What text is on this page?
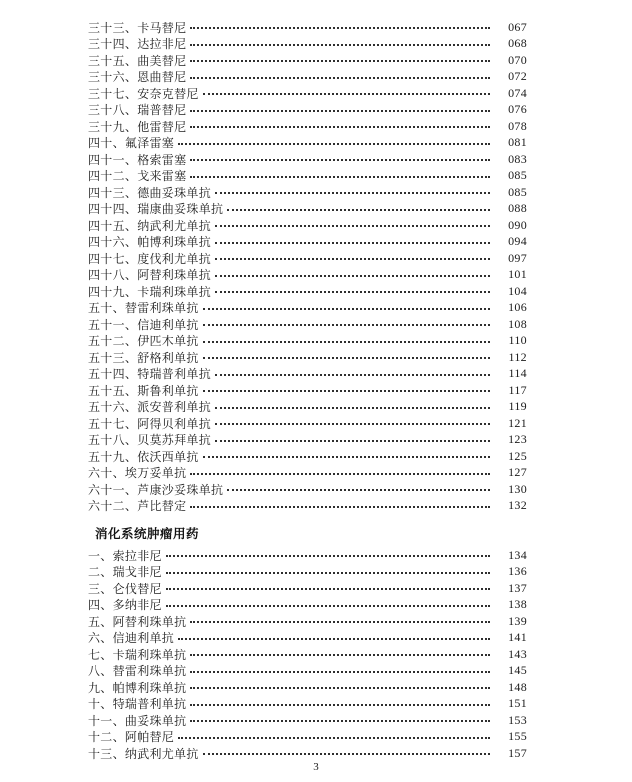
三十三、卡马替尼	067
三十四、达拉非尼	068
三十五、曲美替尼	070
三十六、恩曲替尼	072
三十七、安奈克替尼	074
三十八、瑞普替尼	076
三十九、他雷替尼	078
四十、氟泽雷塞	081
四十一、格索雷塞	083
四十二、戈来雷塞	085
四十三、德曲妥珠单抗	085
四十四、瑞康曲妥珠单抗	088
四十五、纳武利尤单抗	090
四十六、帕博利珠单抗	094
四十七、度伐利尤单抗	097
四十八、阿替利珠单抗	101
四十九、卡瑞利珠单抗	104
五十、替雷利珠单抗	106
五十一、信迪利单抗	108
五十二、伊匹木单抗	110
五十三、舒格利单抗	112
五十四、特瑞普利单抗	114
五十五、斯鲁利单抗	117
五十六、派安普利单抗	119
五十七、阿得贝利单抗	121
五十八、贝莫苏拜单抗	123
五十九、依沃西单抗	125
六十、埃万妥单抗	127
六十一、芦康沙妥珠单抗	130
六十二、芦比替定	132
消化系统肿瘤用药
一、索拉非尼	134
二、瑞戈非尼	136
三、仑伐替尼	137
四、多纳非尼	138
五、阿替利珠单抗	139
六、信迪利单抗	141
七、卡瑞利珠单抗	143
八、替雷利珠单抗	145
九、帕博利珠单抗	148
十、特瑞普利单抗	151
十一、曲妥珠单抗	153
十二、阿帕替尼	155
十三、纳武利尤单抗	157
3
